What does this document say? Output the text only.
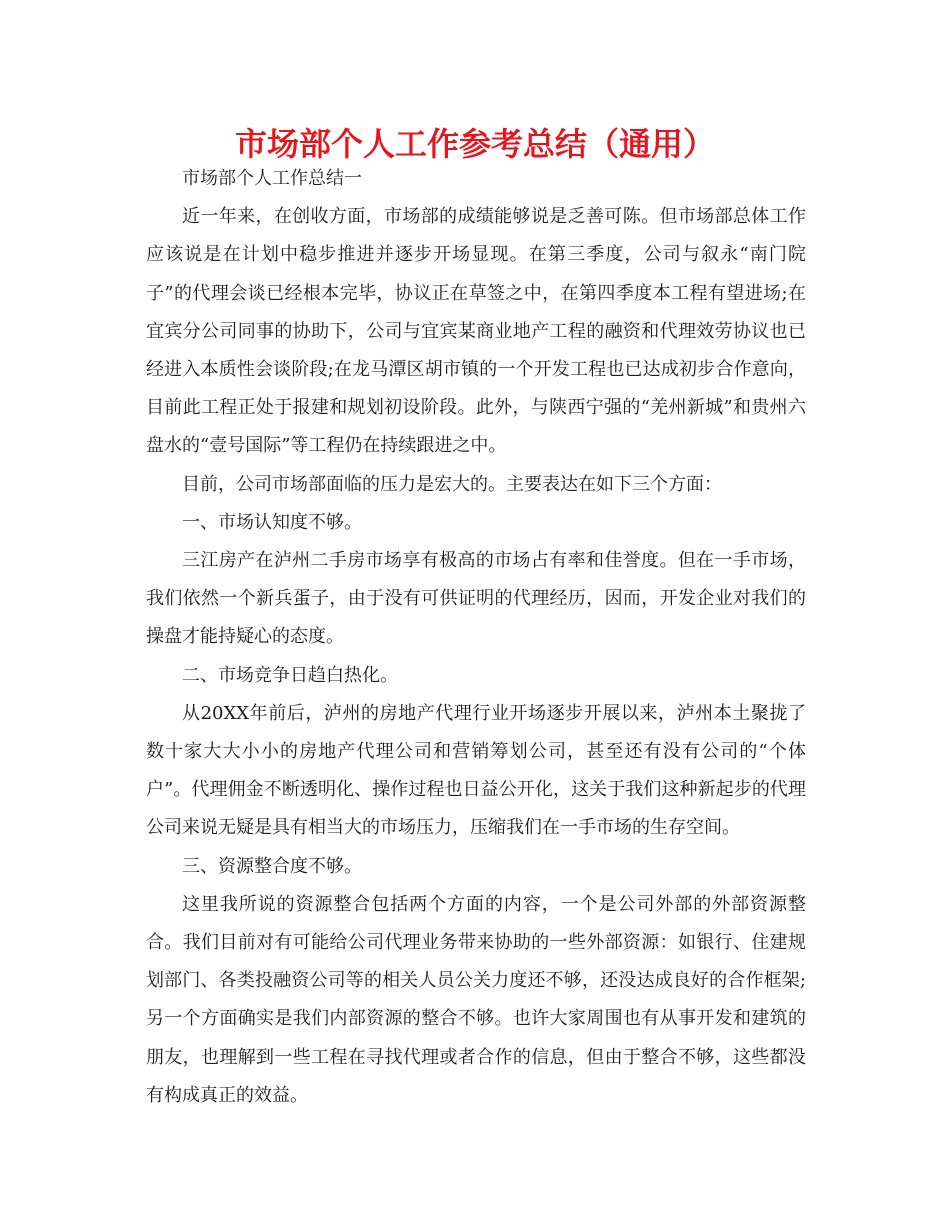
市场部个人工作参考总结（通用）

市场部个人工作总结一

近一年来，在创收方面，市场部的成绩能够说是乏善可陈。但市场部总体工作应该说是在计划中稳步推进并逐步开场显现。在第三季度，公司与叙永“南门院子”的代理会谈已经根本完毕，协议正在草签之中，在第四季度本工程有望进场;在宜宾分公司同事的协助下，公司与宜宾某商业地产工程的融资和代理效劳协议也已经进入本质性会谈阶段;在龙马潭区胡市镇的一个开发工程也已达成初步合作意向，目前此工程正处于报建和规划初设阶段。此外，与陕西宁强的“羌州新城”和贵州六盘水的“壹号国际”等工程仍在持续跟进之中。

目前，公司市场部面临的压力是宏大的。主要表达在如下三个方面：

一、市场认知度不够。

三江房产在泸州二手房市场享有极高的市场占有率和佳誉度。但在一手市场，我们依然一个新兵蛋子，由于没有可供证明的代理经历，因而，开发企业对我们的操盘才能持疑心的态度。

二、市场竞争日趋白热化。

从20XX年前后，泸州的房地产代理行业开场逐步开展以来，泸州本土聚拢了数十家大大小小的房地产代理公司和营销筹划公司，甚至还有没有公司的“个体户”。代理佣金不断透明化、操作过程也日益公开化，这关于我们这种新起步的代理公司来说无疑是具有相当大的市场压力，压缩我们在一手市场的生存空间。

三、资源整合度不够。

这里我所说的资源整合包括两个方面的内容，一个是公司外部的外部资源整合。我们目前对有可能给公司代理业务带来协助的一些外部资源：如银行、住建规划部门、各类投融资公司等的相关人员公关力度还不够，还没达成良好的合作框架;另一个方面确实是我们内部资源的整合不够。也许大家周围也有从事开发和建筑的朋友，也理解到一些工程在寻找代理或者合作的信息，但由于整合不够，这些都没有构成真正的效益。
